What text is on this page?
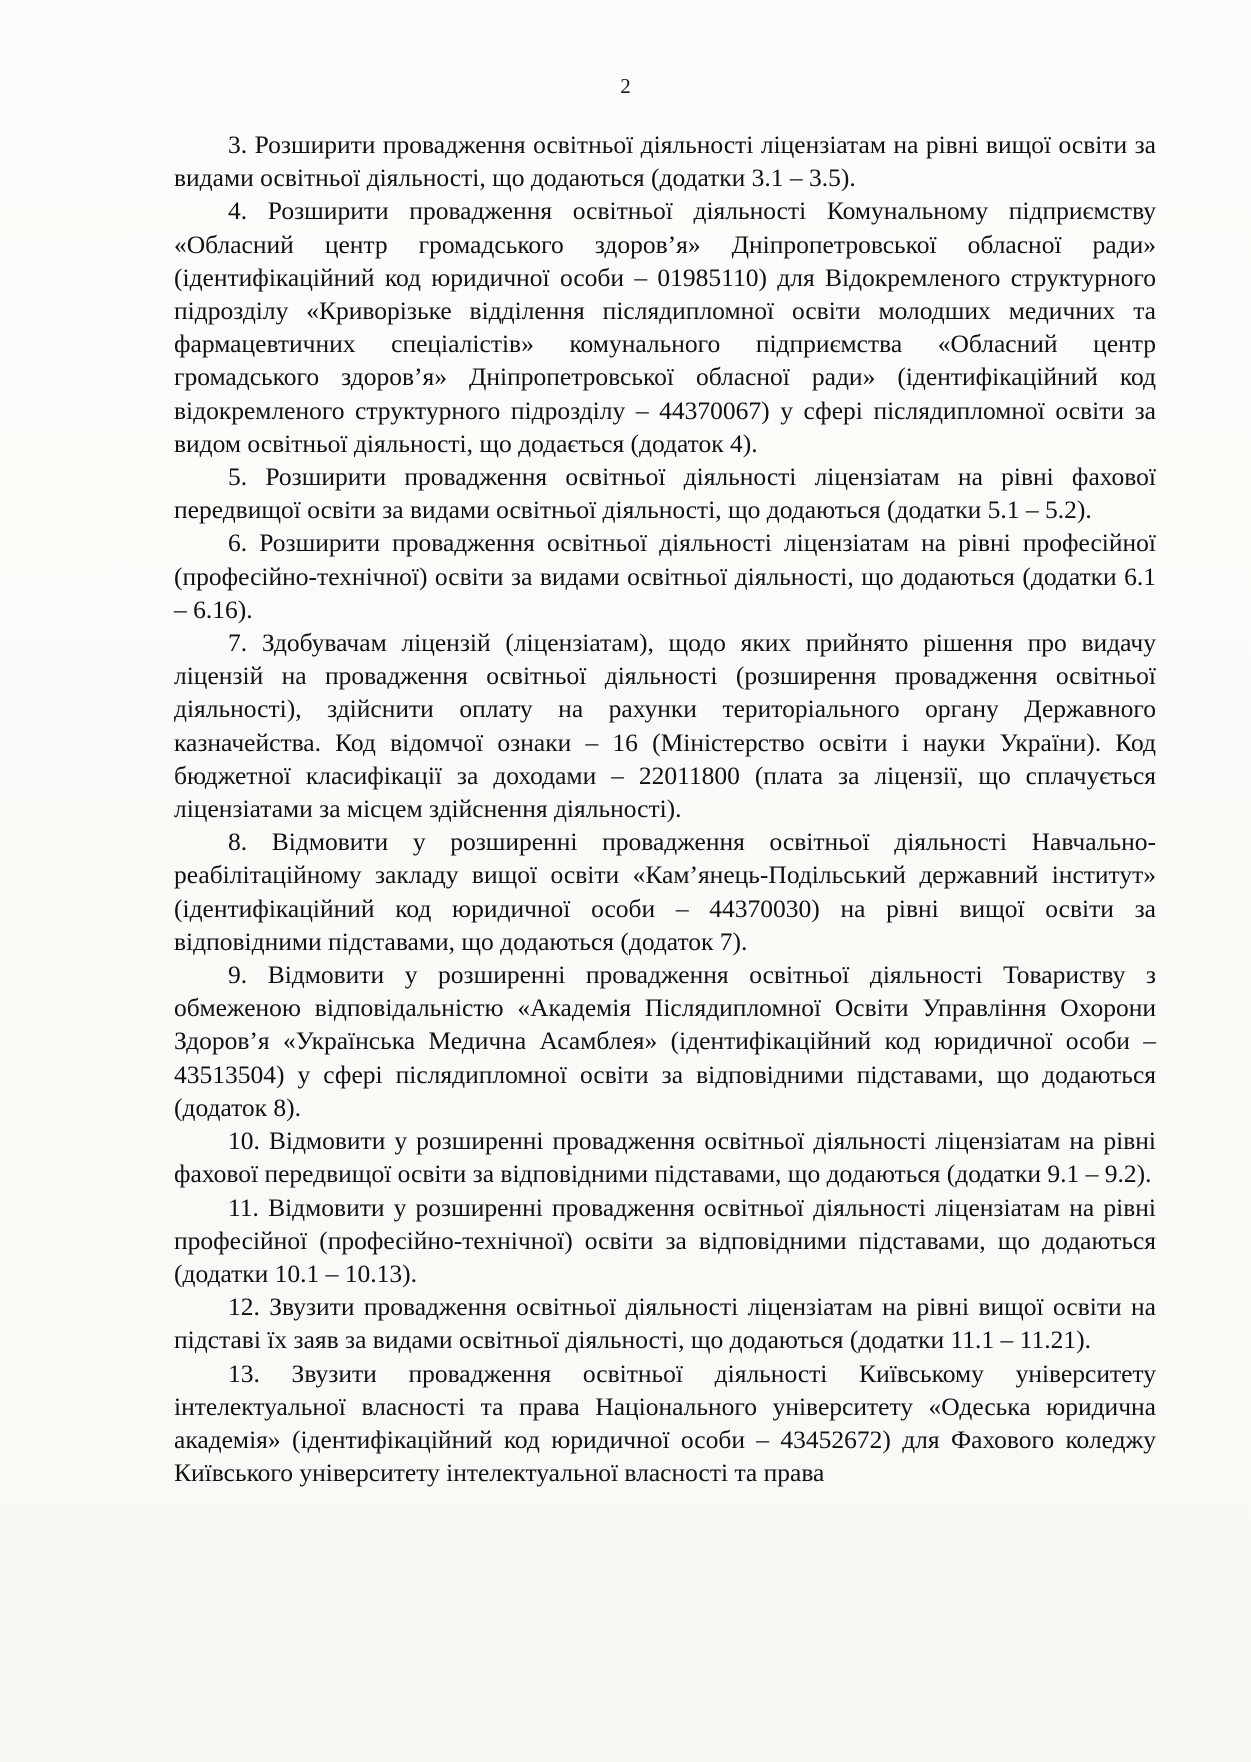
2

3. Розширити провадження освітньої діяльності ліцензіатам на рівні вищої освіти за видами освітньої діяльності, що додаються (додатки 3.1 – 3.5).

4. Розширити провадження освітньої діяльності Комунальному підприємству «Обласний центр громадського здоров’я» Дніпропетровської обласної ради» (ідентифікаційний код юридичної особи – 01985110) для Відокремленого структурного підрозділу «Криворізьке відділення післядипломної освіти молодших медичних та фармацевтичних спеціалістів» комунального підприємства «Обласний центр громадського здоров’я» Дніпропетровської обласної ради» (ідентифікаційний код відокремленого структурного підрозділу – 44370067) у сфері післядипломної освіти за видом освітньої діяльності, що додається (додаток 4).

5. Розширити провадження освітньої діяльності ліцензіатам на рівні фахової передвищої освіти за видами освітньої діяльності, що додаються (додатки 5.1 – 5.2).

6. Розширити провадження освітньої діяльності ліцензіатам на рівні професійної (професійно-технічної) освіти за видами освітньої діяльності, що додаються (додатки 6.1 – 6.16).

7. Здобувачам ліцензій (ліцензіатам), щодо яких прийнято рішення про видачу ліцензій на провадження освітньої діяльності (розширення провадження освітньої діяльності), здійснити оплату на рахунки територіального органу Державного казначейства. Код відомчої ознаки – 16 (Міністерство освіти і науки України). Код бюджетної класифікації за доходами – 22011800 (плата за ліцензії, що сплачується ліцензіатами за місцем здійснення діяльності).

8. Відмовити у розширенні провадження освітньої діяльності Навчально-реабілітаційному закладу вищої освіти «Кам’янець-Подільський державний інститут» (ідентифікаційний код юридичної особи – 44370030) на рівні вищої освіти за відповідними підставами, що додаються (додаток 7).

9. Відмовити у розширенні провадження освітньої діяльності Товариству з обмеженою відповідальністю «Академія Післядипломної Освіти Управління Охорони Здоров’я «Українська Медична Асамблея» (ідентифікаційний код юридичної особи – 43513504) у сфері післядипломної освіти за відповідними підставами, що додаються (додаток 8).

10. Відмовити у розширенні провадження освітньої діяльності ліцензіатам на рівні фахової передвищої освіти за відповідними підставами, що додаються (додатки 9.1 – 9.2).

11. Відмовити у розширенні провадження освітньої діяльності ліцензіатам на рівні професійної (професійно-технічної) освіти за відповідними підставами, що додаються (додатки 10.1 – 10.13).

12. Звузити провадження освітньої діяльності ліцензіатам на рівні вищої освіти на підставі їх заяв за видами освітньої діяльності, що додаються (додатки 11.1 – 11.21).

13. Звузити провадження освітньої діяльності Київському університету інтелектуальної власності та права Національного університету «Одеська юридична академія» (ідентифікаційний код юридичної особи – 43452672) для Фахового коледжу Київського університету інтелектуальної власності та права
